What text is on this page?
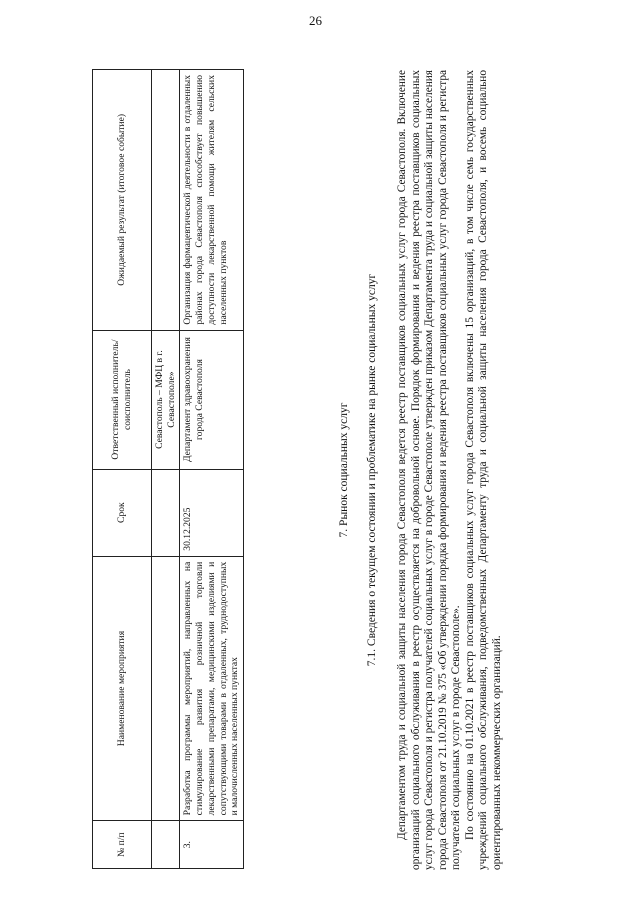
26
№ п/п	Наименование мероприятия	Срок	Ответственный исполнитель/ соисполнитель	Ожидаемый результат (итоговое событие)
			Севастополь – МФЦ в г. Севастополе»	
3.	Разработка программы мероприятий, направленных на стимулирование развития розничной торговли лекарственными препаратами, медицинскими изделиями и сопутствующими товарами в отдаленных, труднодоступных и малочисленных населенных пунктах	30.12.2025	Департамент здравоохранения города Севастополя	Организация фармацевтической деятельности в отдаленных районах города Севастополя способствует повышению доступности лекарственной помощи жителям сельских населенных пунктов
7. Рынок социальных услуг 7.1. Сведения о текущем состоянии и проблематике на рынке социальных услуг Департаментом труда и социальной защиты населения города Севастополя ведется реестр поставщиков социальных услуг города Севастополя. Включение организаций социального обслуживания в реестр осуществляется на добровольной основе. Порядок формирования и ведения реестра поставщиков социальных услуг города Севастополя и регистра получателей социальных услуг в городе Севастополе утвержден приказом Департамента труда и социальной защиты населения города Севастополя от 21.10.2019 № 375 «Об утверждении порядка формирования и ведения реестра поставщиков социальных услуг города Севастополя и регистра получателей социальных услуг в городе Севастополе». По состоянию на 01.10.2021 в реестр поставщиков социальных услуг города Севастополя включены 15 организаций, в том числе семь государственных учреждений социального обслуживания, подведомственных Департаменту труда и социальной защиты населения города Севастополя, и восемь социально ориентированных некоммерческих организаций.
